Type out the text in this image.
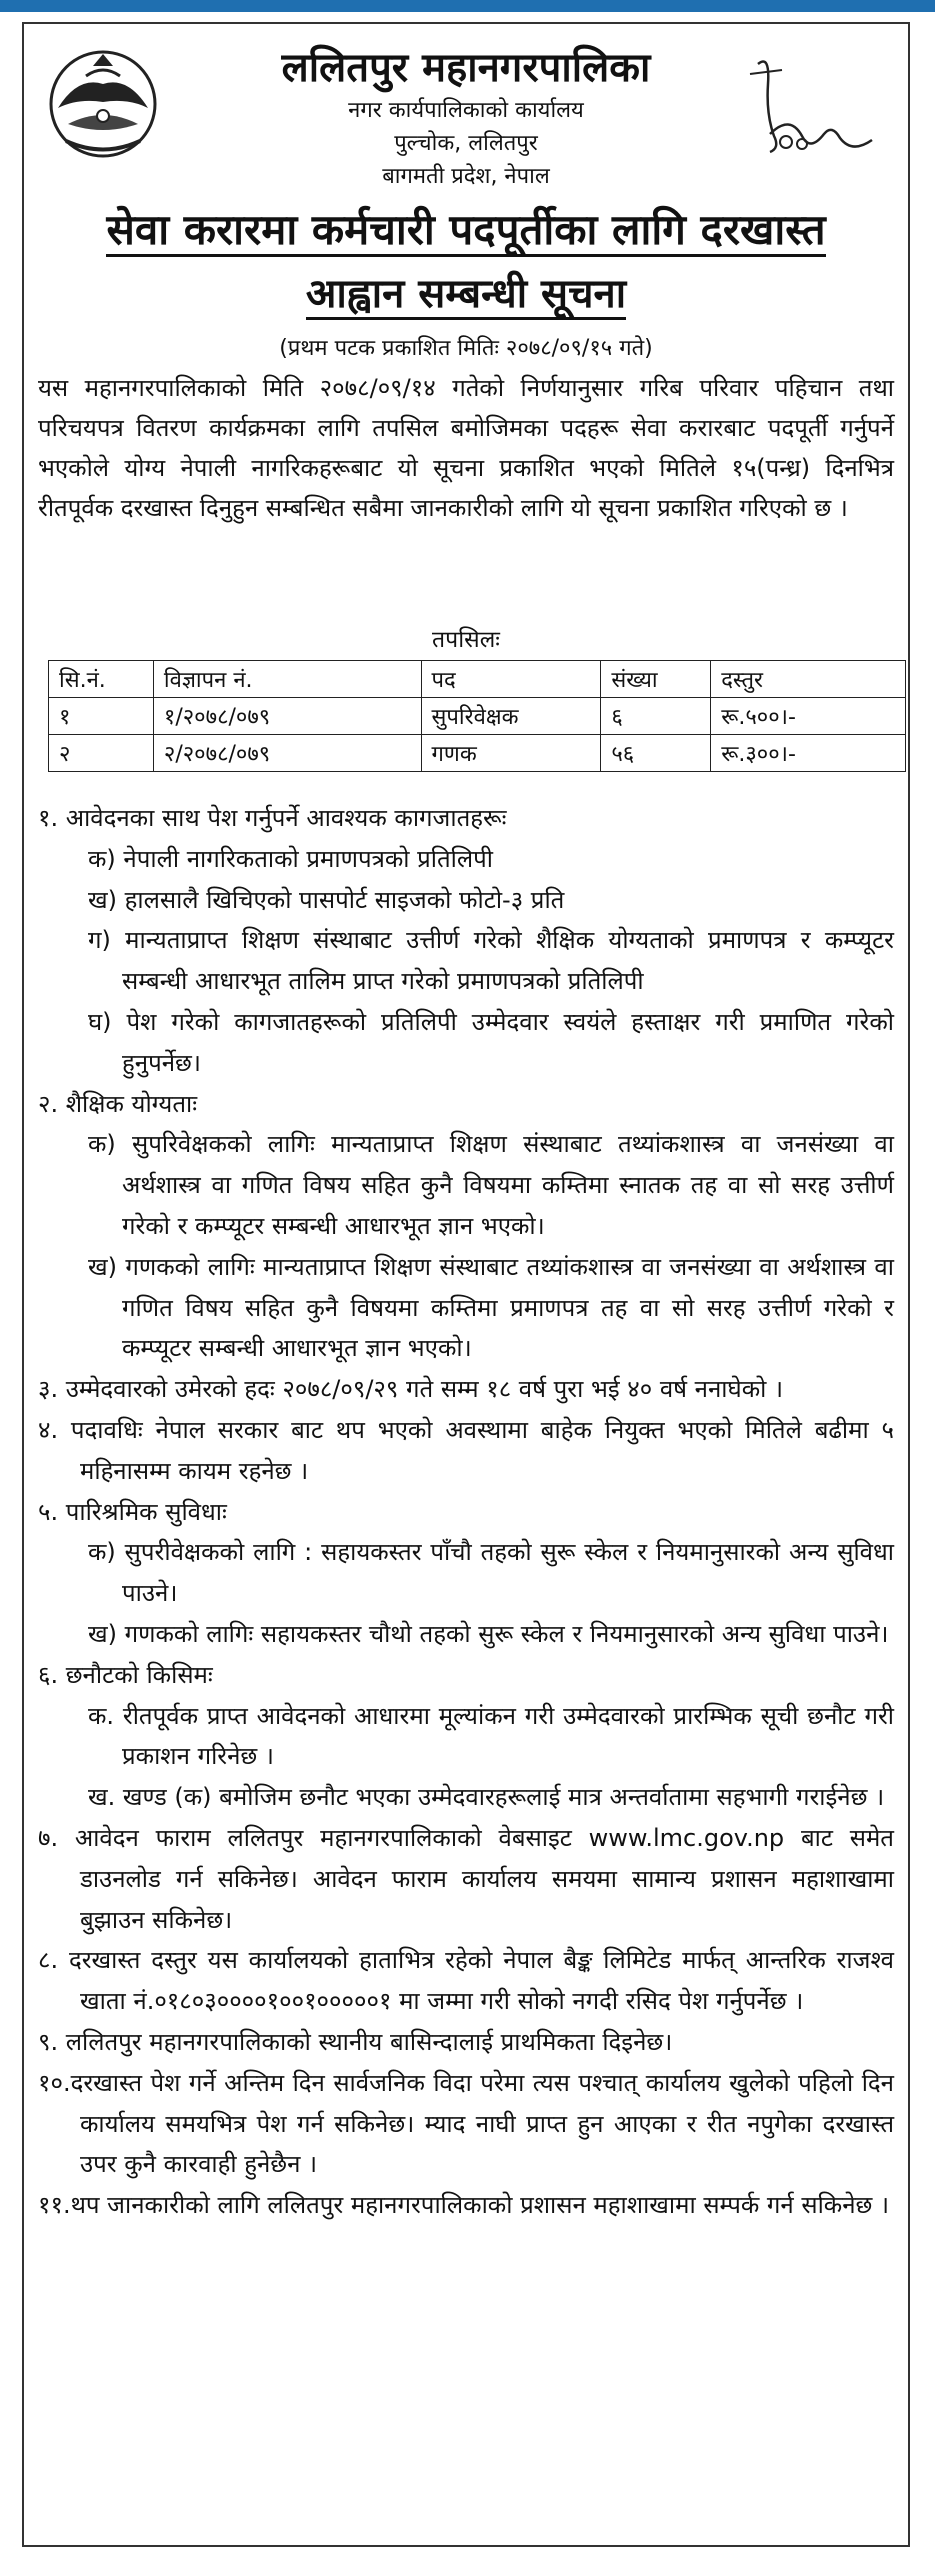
ललितपुर महानगरपालिका
नगर कार्यपालिकाको कार्यालय
पुल्चोक, ललितपुर
बागमती प्रदेश, नेपाल
सेवा करारमा कर्मचारी पदपूर्तीका लागि दरखास्त
आह्वान सम्बन्धी सूचना
(प्रथम पटक प्रकाशित मितिः २०७८/०९/१५ गते)
यस महानगरपालिकाको मिति २०७८/०९/१४ गतेको निर्णयानुसार गरिब परिवार पहिचान तथा परिचयपत्र वितरण कार्यक्रमका लागि तपसिल बमोजिमका पदहरू सेवा करारबाट पदपूर्ती गर्नुपर्ने भएकोले योग्य नेपाली नागरिकहरूबाट यो सूचना प्रकाशित भएको मितिले १५(पन्ध्र) दिनभित्र रीतपूर्वक दरखास्त दिनुहुन सम्बन्धित सबैमा जानकारीको लागि यो सूचना प्रकाशित गरिएको छ ।
तपसिलः
सि.नं.	विज्ञापन नं.	पद	संख्या	दस्तुर
१	१/२०७८/०७९	सुपरिवेक्षक	६	रू.५००।-
२	२/२०७८/०७९	गणक	५६	रू.३००।-
१. आवेदनका साथ पेश गर्नुपर्ने आवश्यक कागजातहरूः
क) नेपाली नागरिकताको प्रमाणपत्रको प्रतिलिपी
ख) हालसालै खिचिएको पासपोर्ट साइजको फोटो-३ प्रति
ग) मान्यताप्राप्त शिक्षण संस्थाबाट उत्तीर्ण गरेको शैक्षिक योग्यताको प्रमाणपत्र र कम्प्यूटर सम्बन्धी आधारभूत तालिम प्राप्त गरेको प्रमाणपत्रको प्रतिलिपी
घ) पेश गरेको कागजातहरूको प्रतिलिपी उम्मेदवार स्वयंले हस्ताक्षर गरी प्रमाणित गरेको हुनुपर्नेछ।
२. शैक्षिक योग्यताः
क) सुपरिवेक्षकको लागिः मान्यताप्राप्त शिक्षण संस्थाबाट तथ्यांकशास्त्र वा जनसंख्या वा अर्थशास्त्र वा गणित विषय सहित कुनै विषयमा कम्तिमा स्नातक तह वा सो सरह उत्तीर्ण गरेको र कम्प्यूटर सम्बन्धी आधारभूत ज्ञान भएको।
ख) गणकको लागिः मान्यताप्राप्त शिक्षण संस्थाबाट तथ्यांकशास्त्र वा जनसंख्या वा अर्थशास्त्र वा गणित विषय सहित कुनै विषयमा कम्तिमा प्रमाणपत्र तह वा सो सरह उत्तीर्ण गरेको र कम्प्यूटर सम्बन्धी आधारभूत ज्ञान भएको।
३. उम्मेदवारको उमेरको हदः २०७८/०९/२९ गते सम्म १८ वर्ष पुरा भई ४० वर्ष ननाघेको ।
४. पदावधिः नेपाल सरकार बाट थप भएको अवस्थामा बाहेक नियुक्त भएको मितिले बढीमा ५ महिनासम्म कायम रहनेछ ।
५. पारिश्रमिक सुविधाः
क) सुपरीवेक्षकको लागि : सहायकस्तर पाँचौ तहको सुरू स्केल र नियमानुसारको अन्य सुविधा पाउने।
ख) गणकको लागिः सहायकस्तर चौथो तहको सुरू स्केल र नियमानुसारको अन्य सुविधा पाउने।
६. छनौटको किसिमः
क. रीतपूर्वक प्राप्त आवेदनको आधारमा मूल्यांकन गरी उम्मेदवारको प्रारम्भिक सूची छनौट गरी प्रकाशन गरिनेछ ।
ख. खण्ड (क) बमोजिम छनौट भएका उम्मेदवारहरूलाई मात्र अन्तर्वातामा सहभागी गराईनेछ ।
७. आवेदन फाराम ललितपुर महानगरपालिकाको वेबसाइट www.lmc.gov.np बाट समेत डाउनलोड गर्न सकिनेछ। आवेदन फाराम कार्यालय समयमा सामान्य प्रशासन महाशाखामा बुझाउन सकिनेछ।
८. दरखास्त दस्तुर यस कार्यालयको हाताभित्र रहेको नेपाल बैङ्क लिमिटेड मार्फत् आन्तरिक राजश्व खाता नं.०१८०३००००१००१०००००१ मा जम्मा गरी सोको नगदी रसिद पेश गर्नुपर्नेछ ।
९. ललितपुर महानगरपालिकाको स्थानीय बासिन्दालाई प्राथमिकता दिइनेछ।
१०.दरखास्त पेश गर्ने अन्तिम दिन सार्वजनिक विदा परेमा त्यस पश्चात् कार्यालय खुलेको पहिलो दिन कार्यालय समयभित्र पेश गर्न सकिनेछ। म्याद नाघी प्राप्त हुन आएका र रीत नपुगेका दरखास्त उपर कुनै कारवाही हुनेछैन ।
११.थप जानकारीको लागि ललितपुर महानगरपालिकाको प्रशासन महाशाखामा सम्पर्क गर्न सकिनेछ ।
